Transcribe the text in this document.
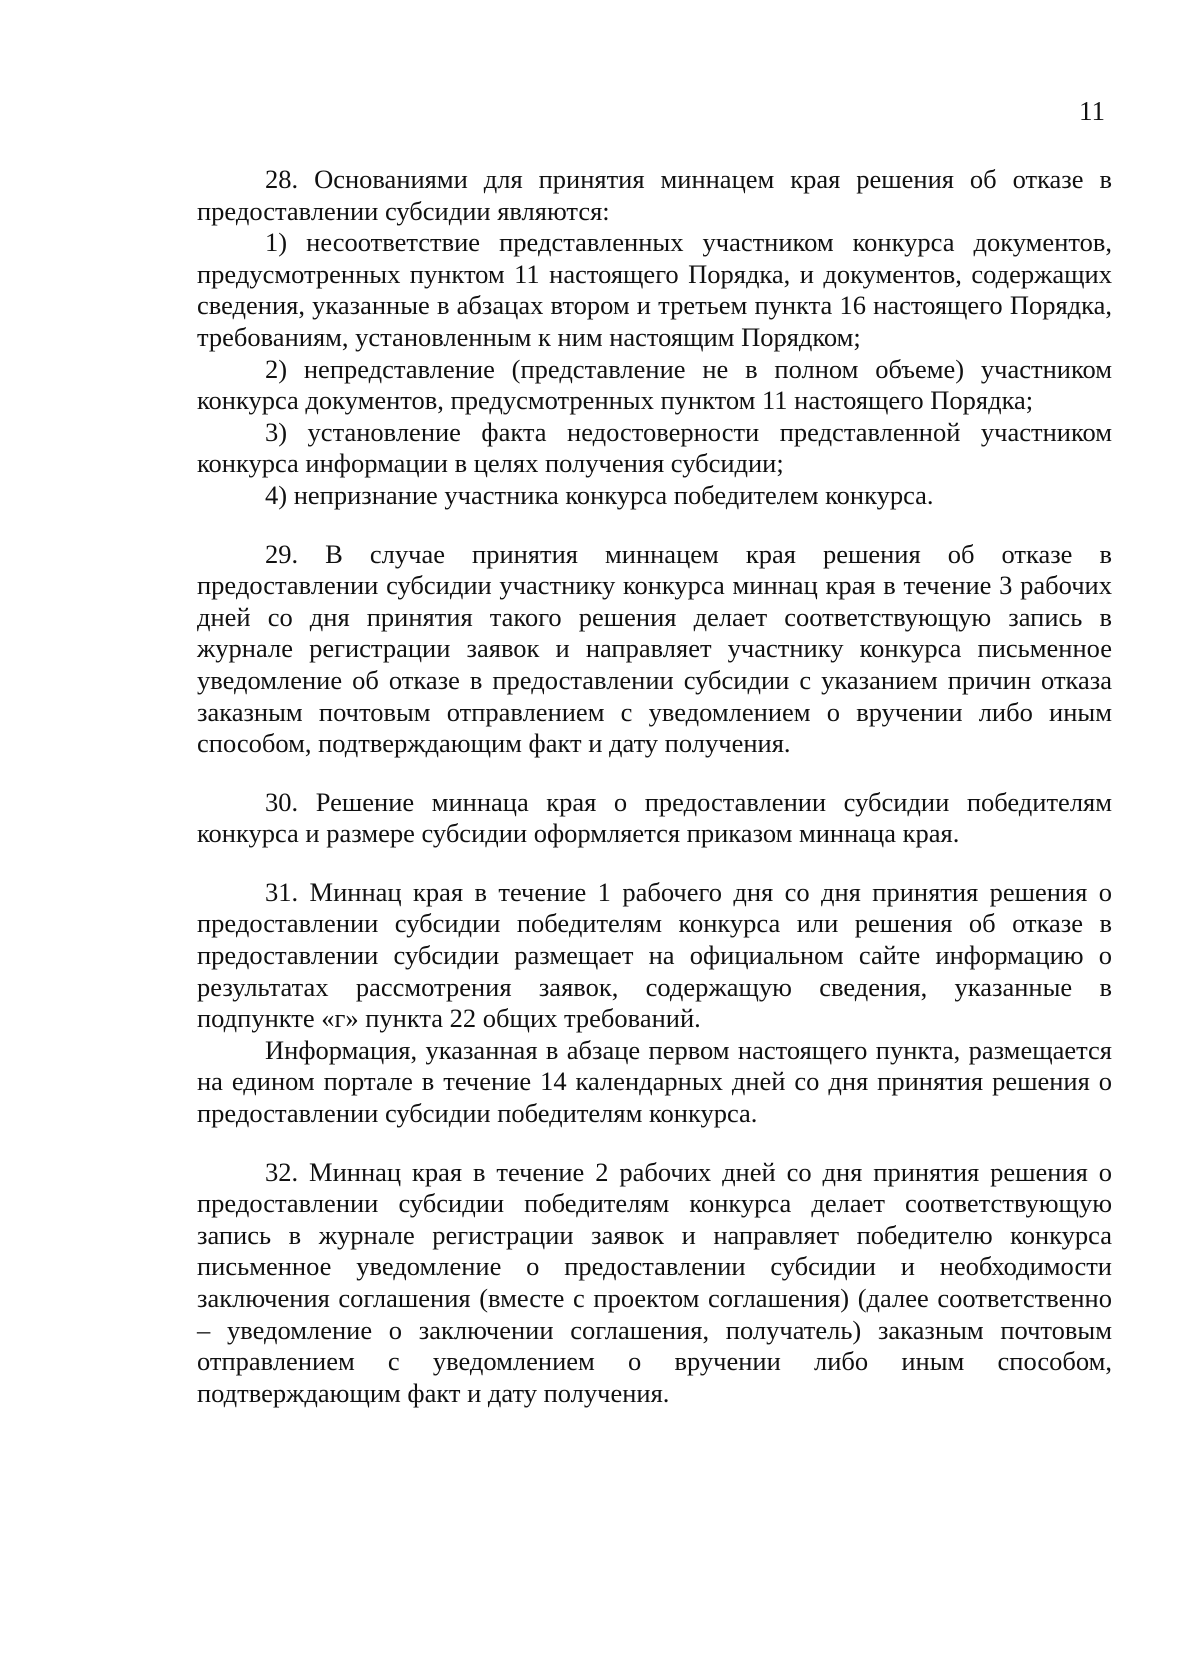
11

28. Основаниями для принятия миннацем края решения об отказе в предоставлении субсидии являются:

1) несоответствие представленных участником конкурса документов, предусмотренных пунктом 11 настоящего Порядка, и документов, содержащих сведения, указанные в абзацах втором и третьем пункта 16 настоящего Порядка, требованиям, установленным к ним настоящим Порядком;

2) непредставление (представление не в полном объеме) участником конкурса документов, предусмотренных пунктом 11 настоящего Порядка;

3) установление факта недостоверности представленной участником конкурса информации в целях получения субсидии;

4) непризнание участника конкурса победителем конкурса.

29. В случае принятия миннацем края решения об отказе в предоставлении субсидии участнику конкурса миннац края в течение 3 рабочих дней со дня принятия такого решения делает соответствующую запись в журнале регистрации заявок и направляет участнику конкурса письменное уведомление об отказе в предоставлении субсидии с указанием причин отказа заказным почтовым отправлением с уведомлением о вручении либо иным способом, подтверждающим факт и дату получения.

30. Решение миннаца края о предоставлении субсидии победителям конкурса и размере субсидии оформляется приказом миннаца края.

31. Миннац края в течение 1 рабочего дня со дня принятия решения о предоставлении субсидии победителям конкурса или решения об отказе в предоставлении субсидии размещает на официальном сайте информацию о результатах рассмотрения заявок, содержащую сведения, указанные в подпункте «г» пункта 22 общих требований.

Информация, указанная в абзаце первом настоящего пункта, размещается на едином портале в течение 14 календарных дней со дня принятия решения о предоставлении субсидии победителям конкурса.

32. Миннац края в течение 2 рабочих дней со дня принятия решения о предоставлении субсидии победителям конкурса делает соответствующую запись в журнале регистрации заявок и направляет победителю конкурса письменное уведомление о предоставлении субсидии и необходимости заключения соглашения (вместе с проектом соглашения) (далее соответственно – уведомление о заключении соглашения, получатель) заказным почтовым отправлением с уведомлением о вручении либо иным способом, подтверждающим факт и дату получения.
